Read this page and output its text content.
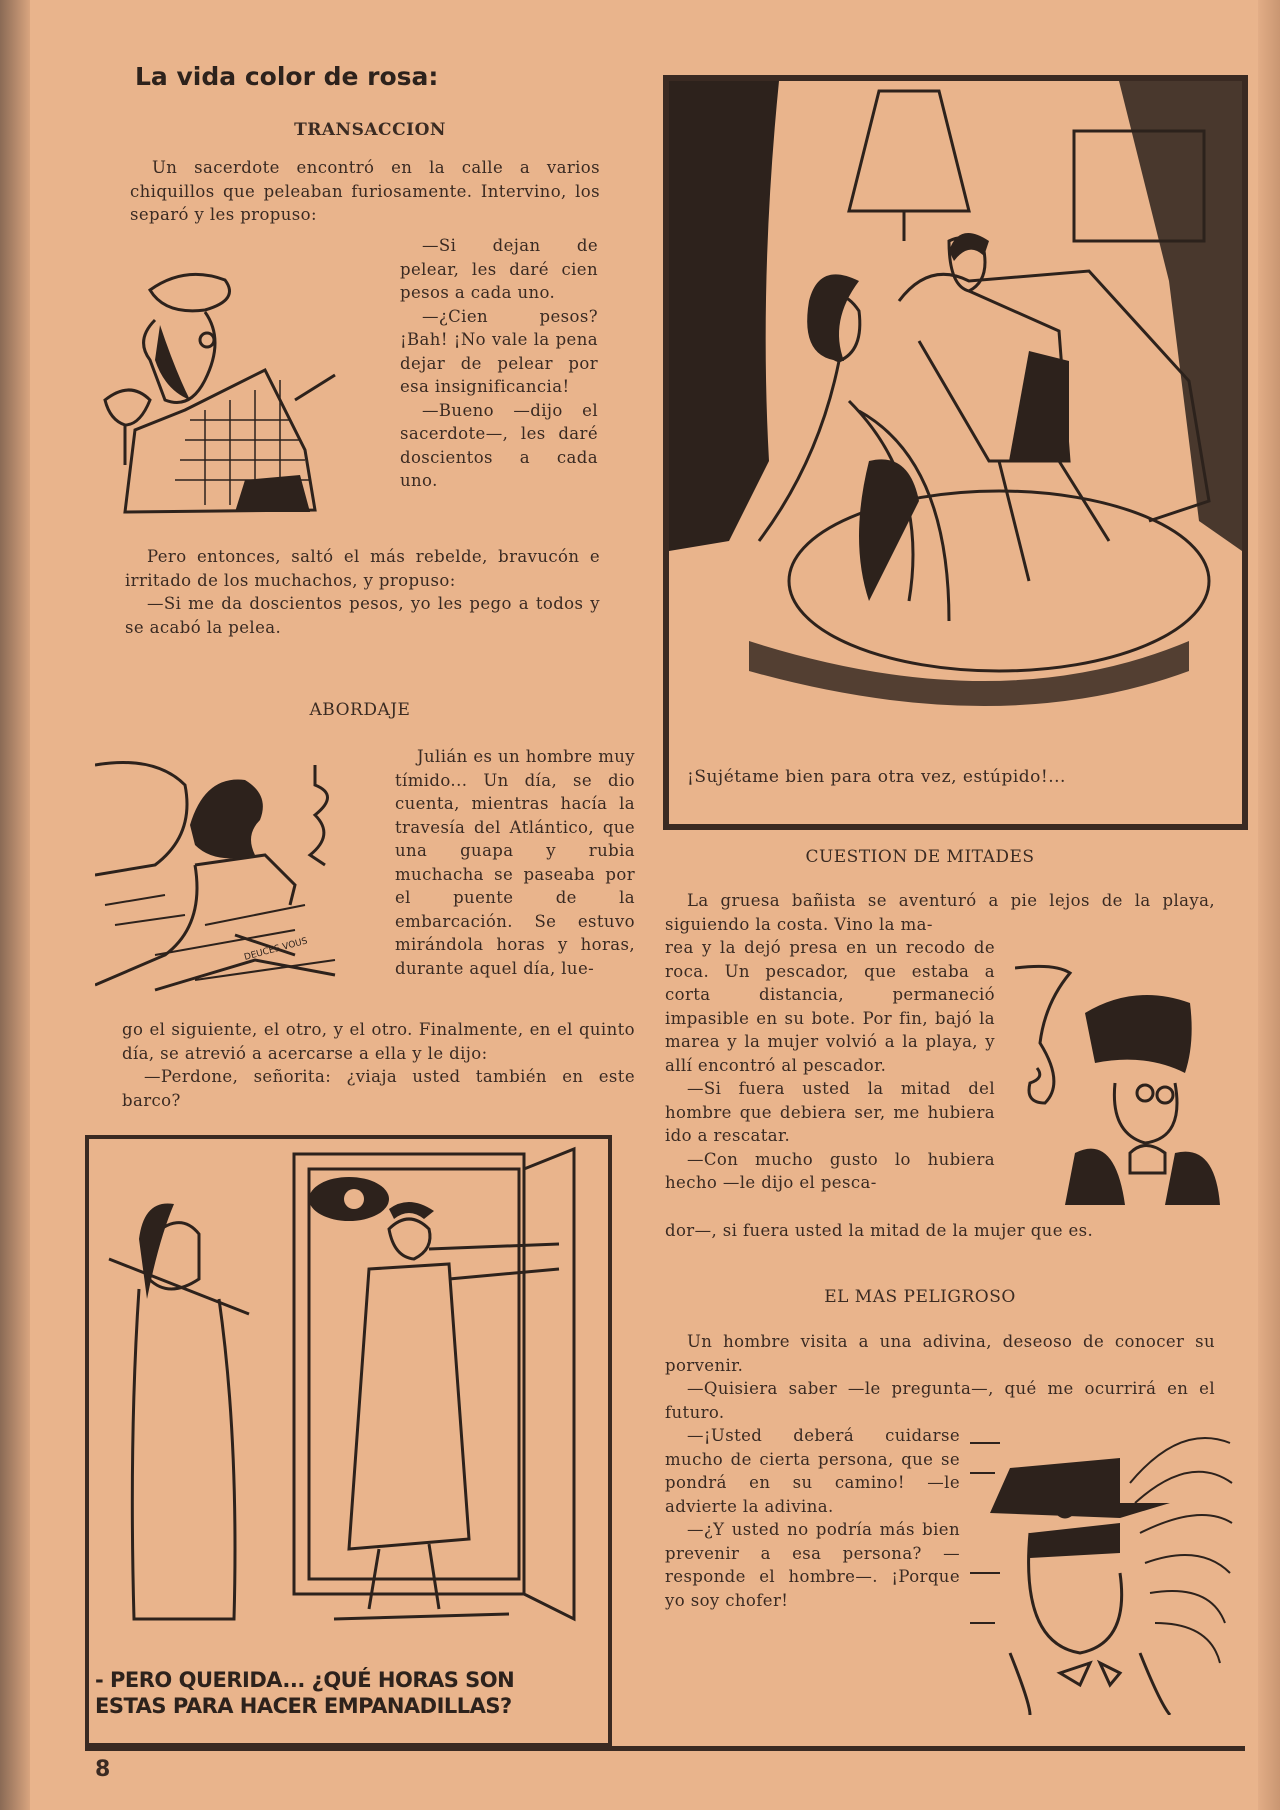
La vida color de rosa:
TRANSACCION

Un sacerdote encontró en la calle a varios chiquillos que peleaban furiosamente. Intervino, los separó y les propuso:

—Si dejan de pelear, les daré cien pesos a cada uno.

—¿Cien pesos? ¡Bah! ¡No vale la pena dejar de pelear por esa insignificancia!

—Bueno —dijo el sacerdote—, les daré doscientos a cada uno.

Pero entonces, saltó el más rebelde, bravucón e irritado de los muchachos, y propuso:

—Si me da doscientos pesos, yo les pego a todos y se acabó la pelea.

ABORDAJE
DEUCES VOUS

Julián es un hombre muy tímido... Un día, se dio cuenta, mientras hacía la travesía del Atlántico, que una guapa y rubia muchacha se paseaba por el puente de la embarcación. Se estuvo mirándola horas y horas, durante aquel día, lue-

go el siguiente, el otro, y el otro. Finalmente, en el quinto día, se atrevió a acercarse a ella y le dijo:

—Perdone, señorita: ¿viaja usted también en este barco?

- PERO QUERIDA... ¿QUÉ HORAS SON
ESTAS PARA HACER EMPANADILLAS?
¡Sujétame bien para otra vez, estúpido!...
CUESTION DE MITADES

La gruesa bañista se aventuró a pie lejos de la playa, siguiendo la costa. Vino la ma-

rea y la dejó presa en un recodo de roca. Un pescador, que estaba a corta distancia, permaneció impasible en su bote. Por fin, bajó la marea y la mujer volvió a la playa, y allí encontró al pescador.

—Si fuera usted la mitad del hombre que debiera ser, me hubiera ido a rescatar.

—Con mucho gusto lo hubiera hecho —le dijo el pesca-

dor—, si fuera usted la mitad de la mujer que es.

EL MAS PELIGROSO

Un hombre visita a una adivina, deseoso de conocer su porvenir.

—Quisiera saber —le pregunta—, qué me ocurrirá en el futuro.

—¡Usted deberá cuidarse mucho de cierta persona, que se pondrá en su camino! —le advierte la adivina.

—¿Y usted no podría más bien prevenir a esa persona? —responde el hombre—. ¡Porque yo soy chofer!

8
